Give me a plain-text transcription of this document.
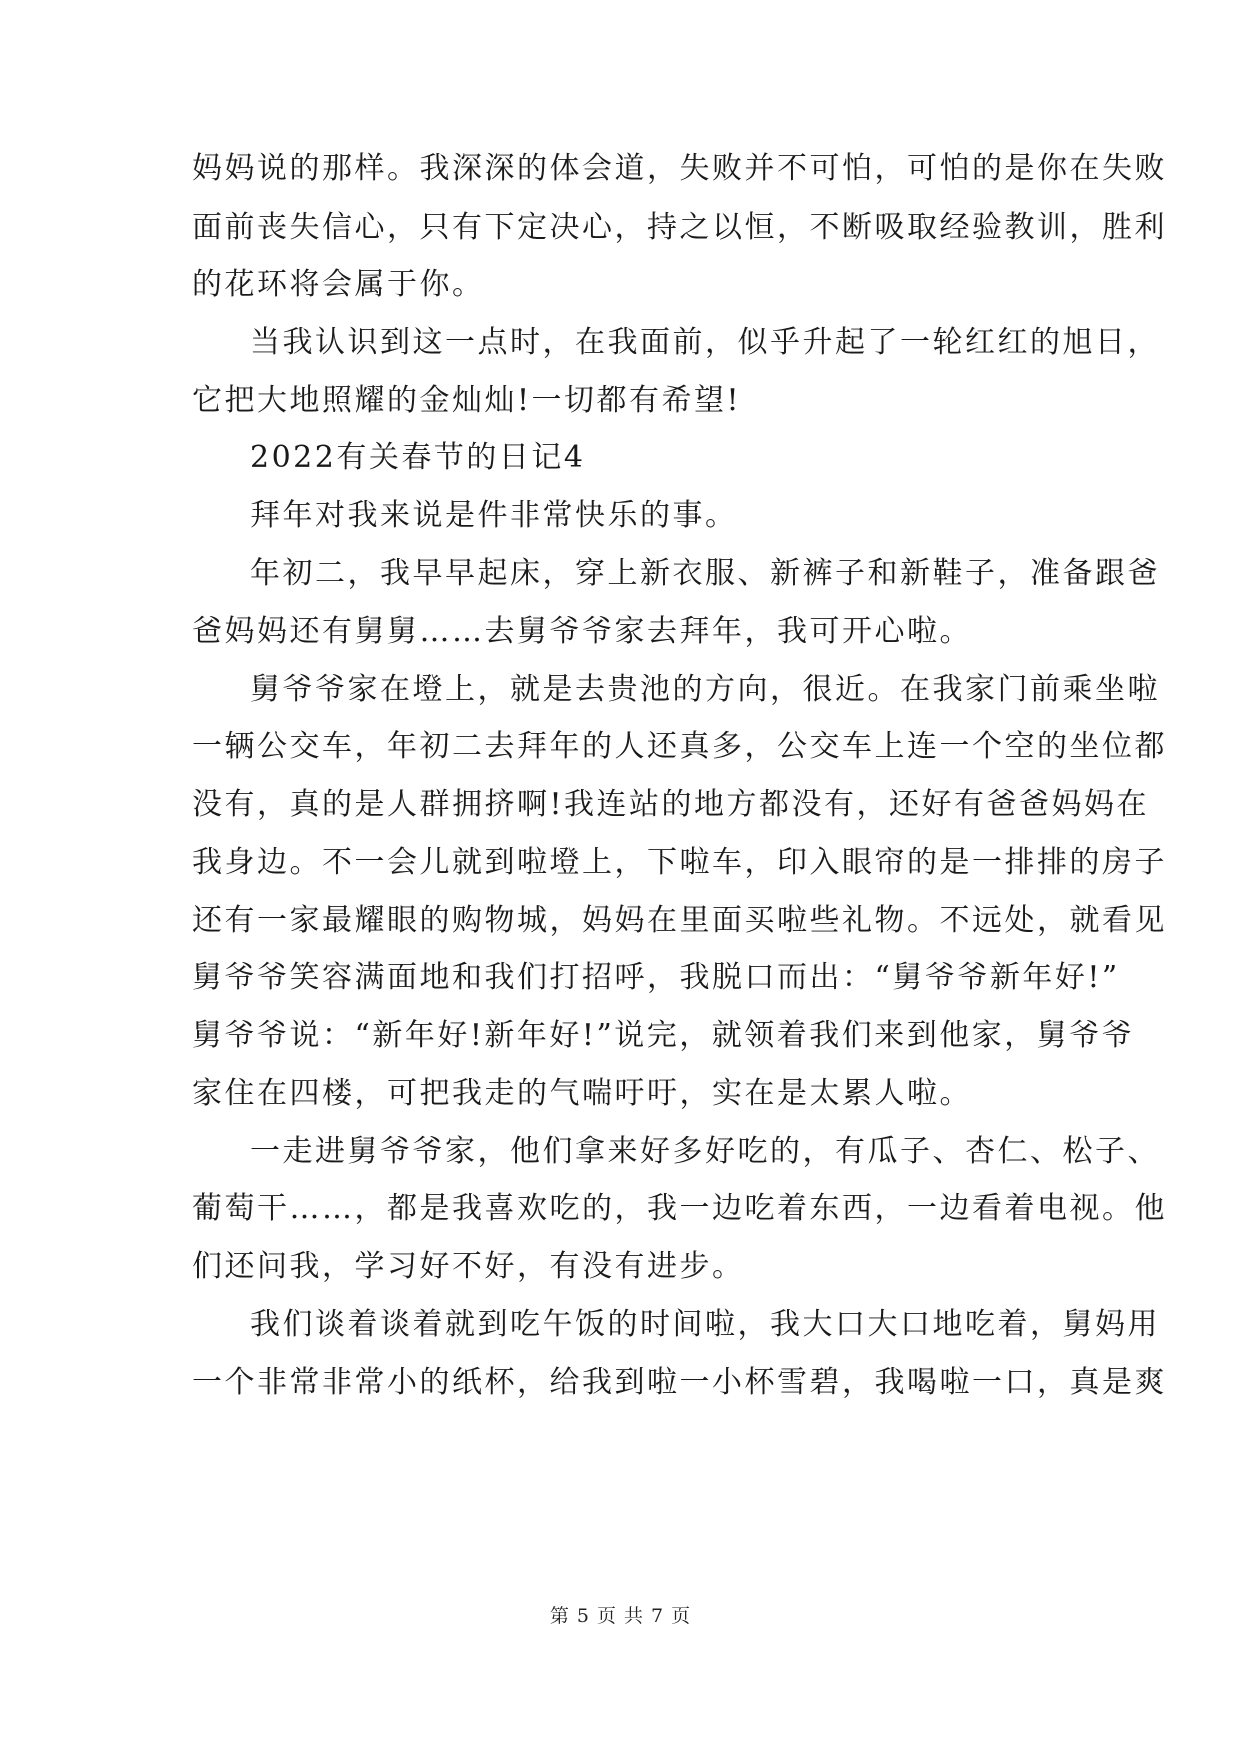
妈妈说的那样。我深深的体会道，失败并不可怕，可怕的是你在失败
面前丧失信心，只有下定决心，持之以恒，不断吸取经验教训，胜利
的花环将会属于你。
当我认识到这一点时，在我面前，似乎升起了一轮红红的旭日，
它把大地照耀的金灿灿!一切都有希望!
2022有关春节的日记4
拜年对我来说是件非常快乐的事。
年初二，我早早起床，穿上新衣服、新裤子和新鞋子，准备跟爸
爸妈妈还有舅舅……去舅爷爷家去拜年，我可开心啦。
舅爷爷家在墱上，就是去贵池的方向，很近。在我家门前乘坐啦
一辆公交车，年初二去拜年的人还真多，公交车上连一个空的坐位都
没有，真的是人群拥挤啊!我连站的地方都没有，还好有爸爸妈妈在
我身边。不一会儿就到啦墱上，下啦车，印入眼帘的是一排排的房子
还有一家最耀眼的购物城，妈妈在里面买啦些礼物。不远处，就看见
舅爷爷笑容满面地和我们打招呼，我脱口而出：“舅爷爷新年好!”
舅爷爷说：“新年好!新年好!”说完，就领着我们来到他家，舅爷爷
家住在四楼，可把我走的气喘吁吁，实在是太累人啦。
一走进舅爷爷家，他们拿来好多好吃的，有瓜子、杏仁、松子、
葡萄干……，都是我喜欢吃的，我一边吃着东西，一边看着电视。他
们还问我，学习好不好，有没有进步。
我们谈着谈着就到吃午饭的时间啦，我大口大口地吃着，舅妈用
一个非常非常小的纸杯，给我到啦一小杯雪碧，我喝啦一口，真是爽
第 5 页 共 7 页
